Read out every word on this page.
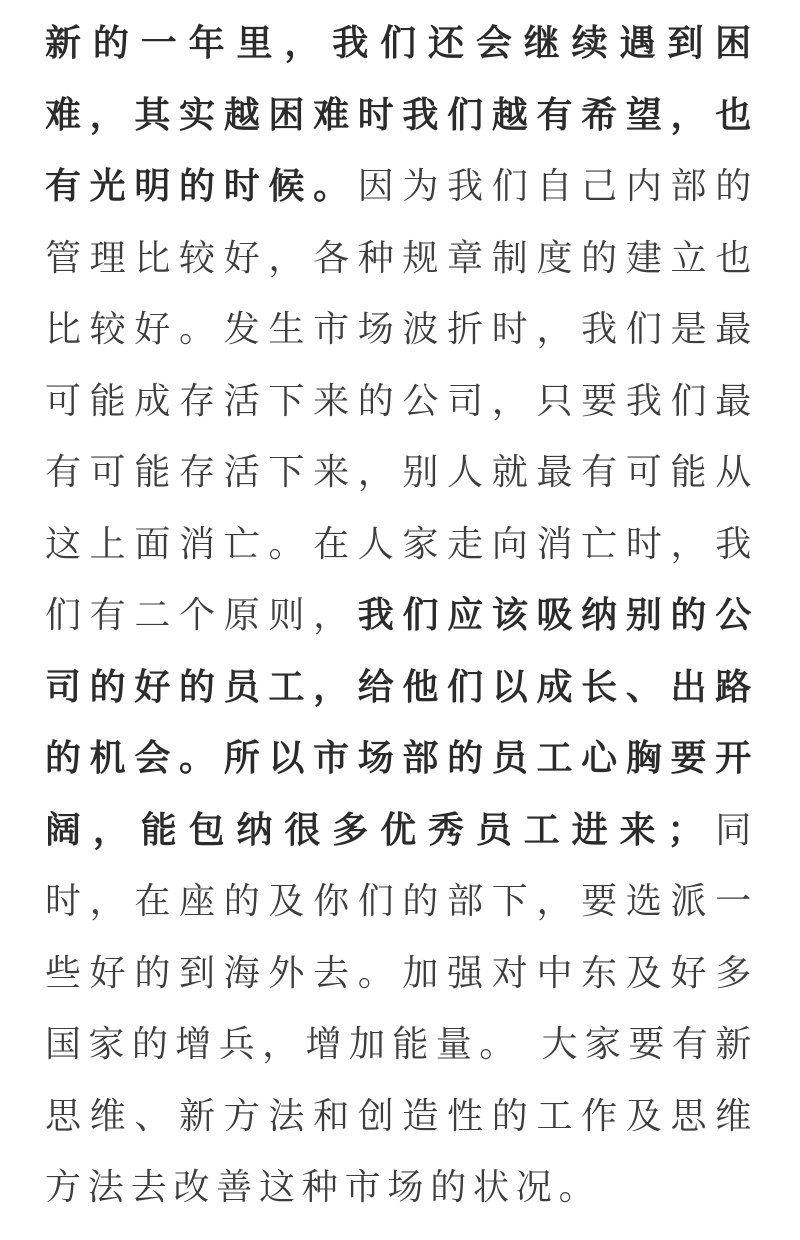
新的一年里，我们还会继续遇到困难，其实越困难时我们越有希望，也有光明的时候。因为我们自己内部的管理比较好，各种规章制度的建立也比较好。发生市场波折时，我们是最可能成存活下来的公司，只要我们最有可能存活下来，别人就最有可能从这上面消亡。在人家走向消亡时，我们有二个原则，我们应该吸纳别的公司的好的员工，给他们以成长、出路的机会。所以市场部的员工心胸要开阔，能包纳很多优秀员工进来；同时，在座的及你们的部下，要选派一些好的到海外去。加强对中东及好多国家的增兵，增加能量。 大家要有新思维、新方法和创造性的工作及思维方法去改善这种市场的状况。
